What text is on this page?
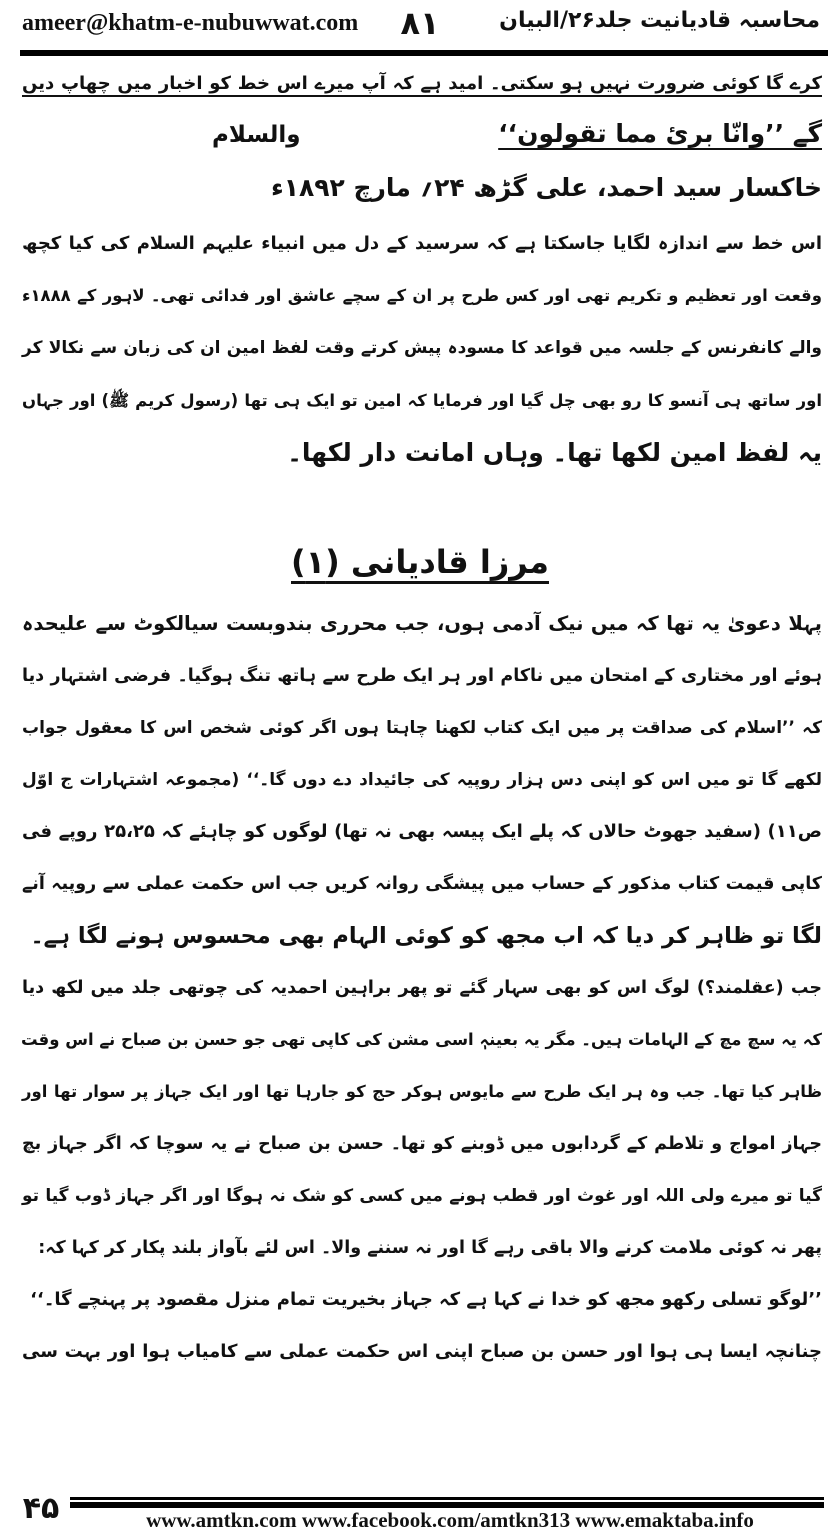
ameer@khatm-e-nubuwwat.com	٨١	محاسبہ قادیانیت جلد۲۶/البیان
کرے گا کوئی ضرورت نہیں ہو سکتی۔ امید ہے کہ آپ میرے اس خط کو اخبار میں چھاپ دیں
گے ’’وانّا بریٔ مما تقولون‘‘
والسلام
خاکسار سید احمد، علی گڑھ ۲۴؍ مارچ ۱۸۹۲ء
اس خط سے اندازہ لگایا جاسکتا ہے کہ سرسید کے دل میں انبیاء علیہم السلام کی کیا کچھ
وقعت اور تعظیم و تکریم تھی اور کس طرح پر ان کے سچے عاشق اور فدائی تھی۔ لاہور کے ۱۸۸۸ء
والے کانفرنس کے جلسہ میں قواعد کا مسودہ پیش کرتے وقت لفظ امین ان کی زبان سے نکالا کر
اور ساتھ ہی آنسو کا رو بھی چل گیا اور فرمایا کہ امین تو ایک ہی تھا (رسول کریم ﷺ) اور جہاں
یہ لفظ امین لکھا تھا۔ وہاں امانت دار لکھا۔
مرزا قادیانی (۱)
پہلا دعویٰ یہ تھا کہ میں نیک آدمی ہوں، جب محرری بندوبست سیالکوٹ سے علیحدہ
ہوئے اور مختاری کے امتحان میں ناکام اور ہر ایک طرح سے ہاتھ تنگ ہوگیا۔ فرضی اشتہار دیا
کہ ’’اسلام کی صداقت پر میں ایک کتاب لکھنا چاہتا ہوں اگر کوئی شخص اس کا معقول جواب
لکھے گا تو میں اس کو اپنی دس ہزار روپیہ کی جائیداد دے دوں گا۔‘‘ (مجموعہ اشتہارات ج اوّل
ص۱۱) (سفید جھوٹ حالاں کہ پلے ایک پیسہ بھی نہ تھا) لوگوں کو چاہئے کہ ۲۵،۲۵ روپے فی
کاپی قیمت کتاب مذکور کے حساب میں پیشگی روانہ کریں جب اس حکمت عملی سے روپیہ آنے
لگا تو ظاہر کر دیا کہ اب مجھ کو کوئی الہام بھی محسوس ہونے لگا ہے۔
جب (عقلمند؟) لوگ اس کو بھی سہار گئے تو پھر براہین احمدیہ کی چوتھی جلد میں لکھ دیا
کہ یہ سچ مچ کے الہامات ہیں۔ مگر یہ بعینہٖ اسی مشن کی کاپی تھی جو حسن بن صباح نے اس وقت
ظاہر کیا تھا۔ جب وہ ہر ایک طرح سے مایوس ہوکر حج کو جارہا تھا اور ایک جہاز پر سوار تھا اور
جہاز امواج و تلاطم کے گردابوں میں ڈوبنے کو تھا۔ حسن بن صباح نے یہ سوچا کہ اگر جہاز بچ
گیا تو میرے ولی اللہ اور غوث اور قطب ہونے میں کسی کو شک نہ ہوگا اور اگر جہاز ڈوب گیا تو
پھر نہ کوئی ملامت کرنے والا باقی رہے گا اور نہ سننے والا۔ اس لئے بآواز بلند پکار کر کہا کہ:
’’لوگو تسلی رکھو مجھ کو خدا نے کہا ہے کہ جہاز بخیریت تمام منزل مقصود پر پہنچے گا۔‘‘
چنانچہ ایسا ہی ہوا اور حسن بن صباح اپنی اس حکمت عملی سے کامیاب ہوا اور بہت سی
۴۵	www.amtkn.com www.facebook.com/amtkn313 www.emaktaba.info
